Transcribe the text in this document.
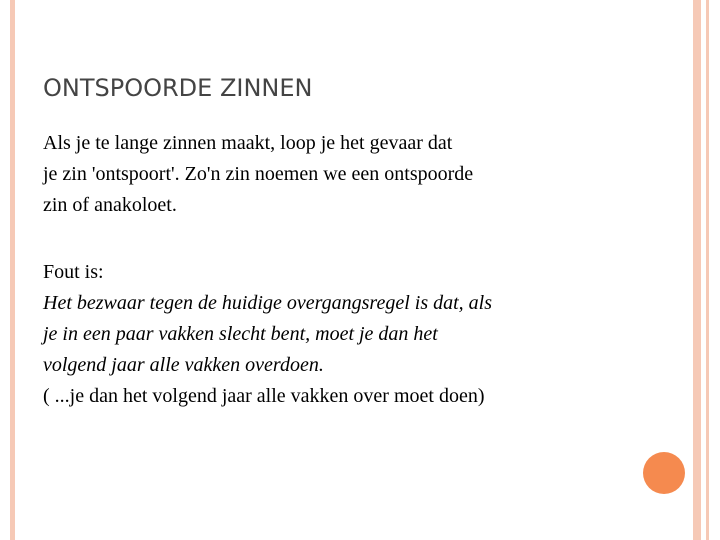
ONTSPOORDE ZINNEN
Als je te lange zinnen maakt, loop je het gevaar dat
je zin 'ontspoort'. Zo'n zin noemen we een ontspoorde
zin of anakoloet.
Fout is:
Het bezwaar tegen de huidige overgangsregel is dat, als
je in een paar vakken slecht bent, moet je dan het
volgend jaar alle vakken overdoen.
( ...je dan het volgend jaar alle vakken over moet doen)
